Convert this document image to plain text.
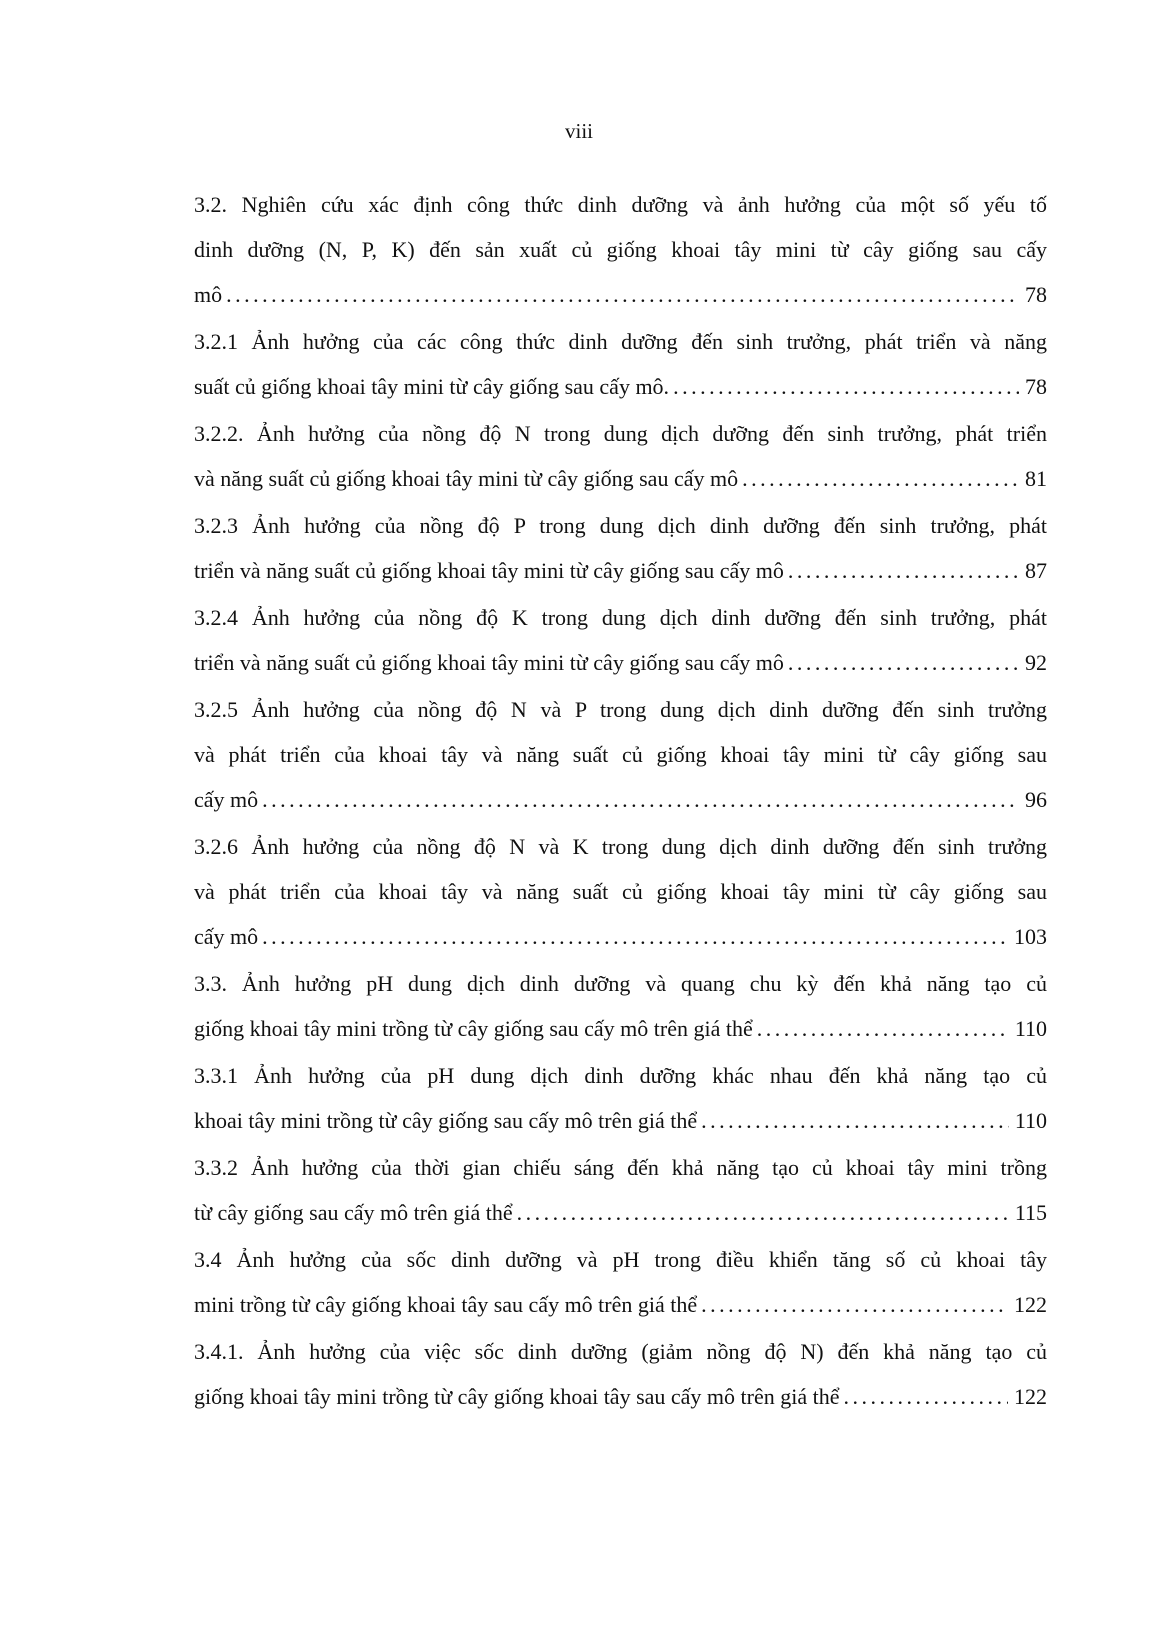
viii
3.2. Nghiên cứu xác định công thức dinh dưỡng và ảnh hưởng của một số yếu tố
dinh dưỡng (N, P, K) đến sản xuất củ giống khoai tây mini từ cây giống sau cấy
mô . . .	78
3.2.1 Ảnh hưởng của các công thức dinh dưỡng đến sinh trưởng, phát triển và năng
suất củ giống khoai tây mini từ cây giống sau cấy mô. . . .	78
3.2.2. Ảnh hưởng của nồng độ N trong dung dịch dưỡng đến sinh trưởng, phát triển
và năng suất củ giống khoai tây mini từ cây giống sau cấy mô . . .	81
3.2.3 Ảnh hưởng của nồng độ P trong dung dịch dinh dưỡng đến sinh trưởng, phát
triển và năng suất củ giống khoai tây mini từ cây giống sau cấy mô . . .	87
3.2.4 Ảnh hưởng của nồng độ K trong dung dịch dinh dưỡng đến sinh trưởng, phát
triển và năng suất củ giống khoai tây mini từ cây giống sau cấy mô . . .	92
3.2.5 Ảnh hưởng của nồng độ N và P trong dung dịch dinh dưỡng đến sinh trưởng
và phát triển của khoai tây và năng suất củ giống khoai tây mini từ cây giống sau
cấy mô . . .	96
3.2.6 Ảnh hưởng của nồng độ N và K trong dung dịch dinh dưỡng đến sinh trưởng
và phát triển của khoai tây và năng suất củ giống khoai tây mini từ cây giống sau
cấy mô . . .	103
3.3. Ảnh hưởng pH dung dịch dinh dưỡng và quang chu kỳ đến khả năng tạo củ
giống khoai tây mini trồng từ cây giống sau cấy mô trên giá thể . . .	110
3.3.1 Ảnh hưởng của pH dung dịch dinh dưỡng khác nhau đến khả năng tạo củ
khoai tây mini trồng từ cây giống sau cấy mô trên giá thể . . .	110
3.3.2 Ảnh hưởng của thời gian chiếu sáng đến khả năng tạo củ khoai tây mini trồng
từ cây giống sau cấy mô trên giá thể . . .	115
3.4 Ảnh hưởng của sốc dinh dưỡng và pH trong điều khiển tăng số củ khoai tây
mini trồng từ cây giống khoai tây sau cấy mô trên giá thể . . .	122
3.4.1. Ảnh hưởng của việc sốc dinh dưỡng (giảm nồng độ N) đến khả năng tạo củ
giống khoai tây mini trồng từ cây giống khoai tây sau cấy mô trên giá thể . . .	122
